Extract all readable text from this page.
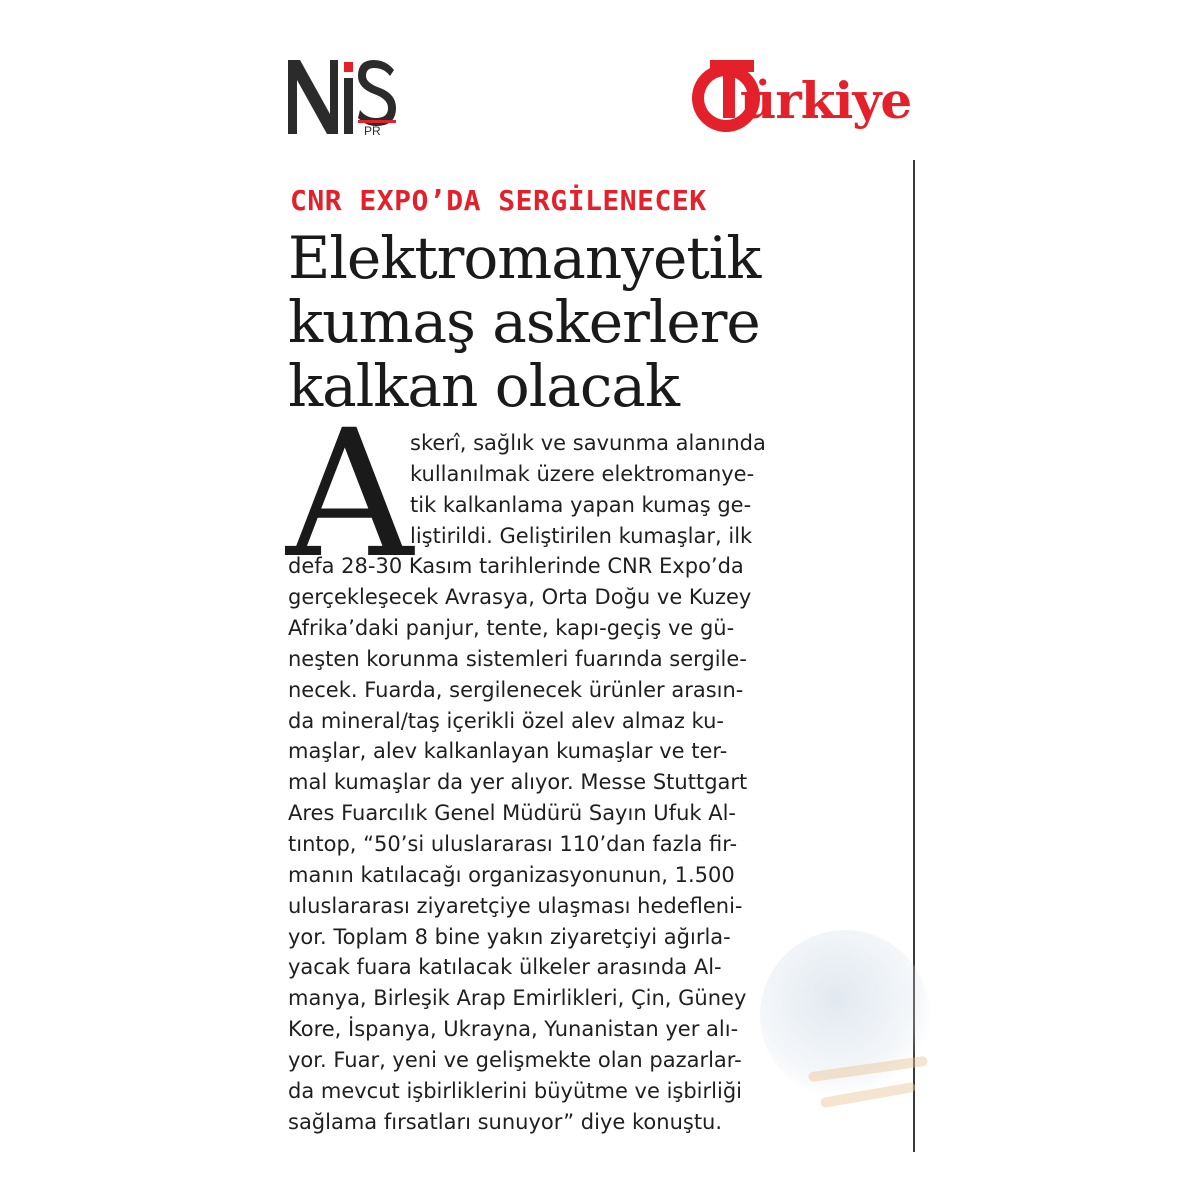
PR
ürkiye
CNR EXPO’DA SERGİLENECEK
Elektromanyetik
kumaş askerlere
kalkan olacak
A
skerî, sağlık ve savunma alanında
kullanılmak üzere elektromanye-
tik kalkanlama yapan kumaş ge-
liştirildi. Geliştirilen kumaşlar, ilk
defa 28-30 Kasım tarihlerinde CNR Expo’da
gerçekleşecek Avrasya, Orta Doğu ve Kuzey
Afrika’daki panjur, tente, kapı-geçiş ve gü-
neşten korunma sistemleri fuarında sergile-
necek. Fuarda, sergilenecek ürünler arasın-
da mineral/taş içerikli özel alev almaz ku-
maşlar, alev kalkanlayan kumaşlar ve ter-
mal kumaşlar da yer alıyor. Messe Stuttgart
Ares Fuarcılık Genel Müdürü Sayın Ufuk Al-
tıntop, “50’si uluslararası 110’dan fazla fir-
manın katılacağı organizasyonunun, 1.500
uluslararası ziyaretçiye ulaşması hedefleni-
yor. Toplam 8 bine yakın ziyaretçiyi ağırla-
yacak fuara katılacak ülkeler arasında Al-
manya, Birleşik Arap Emirlikleri, Çin, Güney
Kore, İspanya, Ukrayna, Yunanistan yer alı-
yor. Fuar, yeni ve gelişmekte olan pazarlar-
da mevcut işbirliklerini büyütme ve işbirliği
sağlama fırsatları sunuyor” diye konuştu.
